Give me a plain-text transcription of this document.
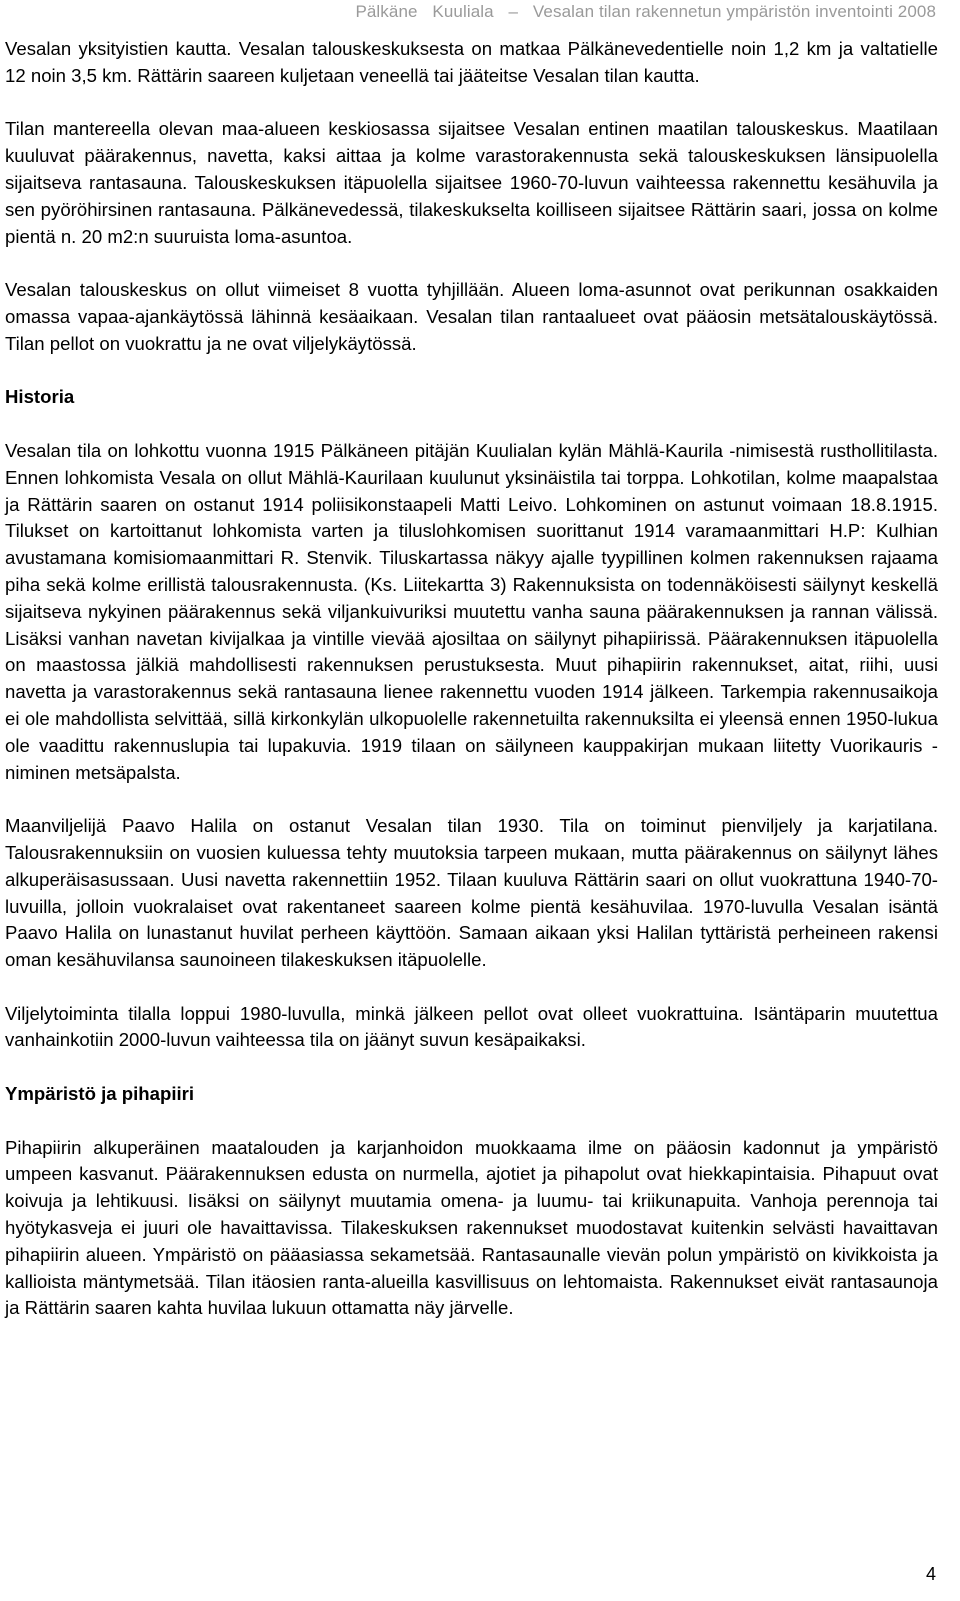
Pälkäne Kuuliala – Vesalan tilan rakennetun ympäristön inventointi 2008

Vesalan yksityistien kautta. Vesalan talouskeskuksesta on matkaa Pälkänevedentielle noin 1,2 km ja valtatielle 12 noin 3,5 km. Rättärin saareen kuljetaan veneellä tai jääteitse Vesalan tilan kautta.

Tilan mantereella olevan maa-alueen keskiosassa sijaitsee Vesalan entinen maatilan talouskeskus. Maatilaan kuuluvat päärakennus, navetta, kaksi aittaa ja kolme varastorakennusta sekä talouskeskuksen länsipuolella sijaitseva rantasauna. Talouskeskuksen itäpuolella sijaitsee 1960-70-luvun vaihteessa rakennettu kesähuvila ja sen pyöröhirsinen rantasauna. Pälkänevedessä, tilakeskukselta koilliseen sijaitsee Rättärin saari, jossa on kolme pientä n. 20 m2:n suuruista loma-asuntoa.

Vesalan talouskeskus on ollut viimeiset 8 vuotta tyhjillään. Alueen loma-asunnot ovat perikunnan osakkaiden omassa vapaa-ajankäytössä lähinnä kesäaikaan. Vesalan tilan rantaalueet ovat pääosin metsätalouskäytössä. Tilan pellot on vuokrattu ja ne ovat viljelykäytössä.

Historia

Vesalan tila on lohkottu vuonna 1915 Pälkäneen pitäjän Kuulialan kylän Mählä-Kaurila -nimisestä rusthollitilasta. Ennen lohkomista Vesala on ollut Mählä-Kaurilaan kuulunut yksinäistila tai torppa. Lohkotilan, kolme maapalstaa ja Rättärin saaren on ostanut 1914 poliisikonstaapeli Matti Leivo. Lohkominen on astunut voimaan 18.8.1915. Tilukset on kartoittanut lohkomista varten ja tiluslohkomisen suorittanut 1914 varamaanmittari H.P: Kulhian avustamana komisiomaanmittari R. Stenvik. Tiluskartassa näkyy ajalle tyypillinen kolmen rakennuksen rajaama piha sekä kolme erillistä talousrakennusta. (Ks. Liitekartta 3) Rakennuksista on todennäköisesti säilynyt keskellä sijaitseva nykyinen päärakennus sekä viljankuivuriksi muutettu vanha sauna päärakennuksen ja rannan välissä. Lisäksi vanhan navetan kivijalkaa ja vintille vievää ajosiltaa on säilynyt pihapiirissä. Päärakennuksen itäpuolella on maastossa jälkiä mahdollisesti rakennuksen perustuksesta. Muut pihapiirin rakennukset, aitat, riihi, uusi navetta ja varastorakennus sekä rantasauna lienee rakennettu vuoden 1914 jälkeen. Tarkempia rakennusaikoja ei ole mahdollista selvittää, sillä kirkonkylän ulkopuolelle rakennetuilta rakennuksilta ei yleensä ennen 1950-lukua ole vaadittu rakennuslupia tai lupakuvia. 1919 tilaan on säilyneen kauppakirjan mukaan liitetty Vuorikauris -niminen metsäpalsta.

Maanviljelijä Paavo Halila on ostanut Vesalan tilan 1930. Tila on toiminut pienviljely ja karjatilana. Talousrakennuksiin on vuosien kuluessa tehty muutoksia tarpeen mukaan, mutta päärakennus on säilynyt lähes alkuperäisasussaan. Uusi navetta rakennettiin 1952. Tilaan kuuluva Rättärin saari on ollut vuokrattuna 1940-70-luvuilla, jolloin vuokralaiset ovat rakentaneet saareen kolme pientä kesähuvilaa. 1970-luvulla Vesalan isäntä Paavo Halila on lunastanut huvilat perheen käyttöön. Samaan aikaan yksi Halilan tyttäristä perheineen rakensi oman kesähuvilansa saunoineen tilakeskuksen itäpuolelle.

Viljelytoiminta tilalla loppui 1980-luvulla, minkä jälkeen pellot ovat olleet vuokrattuina. Isäntäparin muutettua vanhainkotiin 2000-luvun vaihteessa tila on jäänyt suvun kesäpaikaksi.

Ympäristö ja pihapiiri

Pihapiirin alkuperäinen maatalouden ja karjanhoidon muokkaama ilme on pääosin kadonnut ja ympäristö umpeen kasvanut. Päärakennuksen edusta on nurmella, ajotiet ja pihapolut ovat hiekkapintaisia. Pihapuut ovat koivuja ja lehtikuusi. Iisäksi on säilynyt muutamia omena- ja luumu- tai kriikunapuita. Vanhoja perennoja tai hyötykasveja ei juuri ole havaittavissa. Tilakeskuksen rakennukset muodostavat kuitenkin selvästi havaittavan pihapiirin alueen. Ympäristö on pääasiassa sekametsää. Rantasaunalle vievän polun ympäristö on kivikkoista ja kallioista mäntymetsää. Tilan itäosien ranta-alueilla kasvillisuus on lehtomaista. Rakennukset eivät rantasaunoja ja Rättärin saaren kahta huvilaa lukuun ottamatta näy järvelle.

4
